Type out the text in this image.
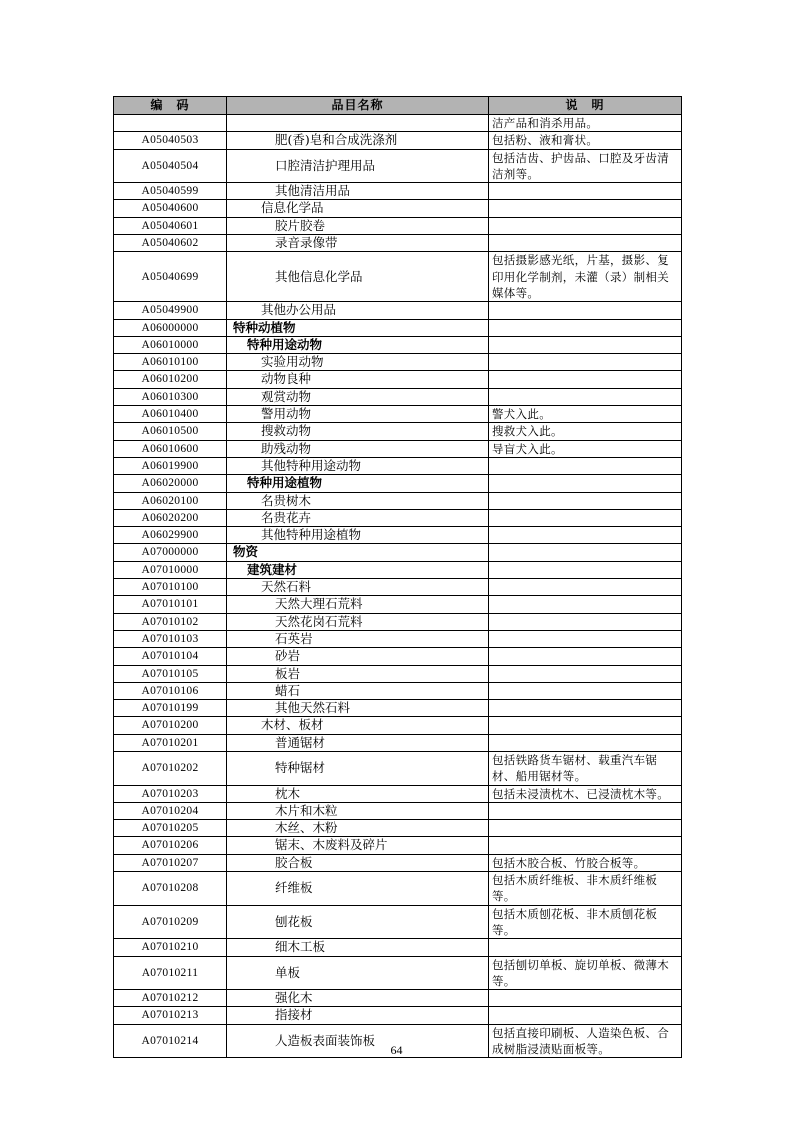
编　码	品目名称	说　明
		洁产品和消杀用品。
A05040503	肥(香)皂和合成洗涤剂	包括粉、液和膏状。
A05040504	口腔清洁护理用品	包括洁齿、护齿品、口腔及牙齿清洁剂等。
A05040599	其他清洁用品	
A05040600	信息化学品	
A05040601	胶片胶卷	
A05040602	录音录像带	
A05040699	其他信息化学品	包括摄影感光纸，片基，摄影、复印用化学制剂，未灌（录）制相关媒体等。
A05049900	其他办公用品	
A06000000	特种动植物	
A06010000	特种用途动物	
A06010100	实验用动物	
A06010200	动物良种	
A06010300	观赏动物	
A06010400	警用动物	警犬入此。
A06010500	搜救动物	搜救犬入此。
A06010600	助残动物	导盲犬入此。
A06019900	其他特种用途动物	
A06020000	特种用途植物	
A06020100	名贵树木	
A06020200	名贵花卉	
A06029900	其他特种用途植物	
A07000000	物资	
A07010000	建筑建材	
A07010100	天然石料	
A07010101	天然大理石荒料	
A07010102	天然花岗石荒料	
A07010103	石英岩	
A07010104	砂岩	
A07010105	板岩	
A07010106	蜡石	
A07010199	其他天然石料	
A07010200	木材、板材	
A07010201	普通锯材	
A07010202	特种锯材	包括铁路货车锯材、载重汽车锯材、船用锯材等。
A07010203	枕木	包括未浸渍枕木、已浸渍枕木等。
A07010204	木片和木粒	
A07010205	木丝、木粉	
A07010206	锯末、木废料及碎片	
A07010207	胶合板	包括木胶合板、竹胶合板等。
A07010208	纤维板	包括木质纤维板、非木质纤维板等。
A07010209	刨花板	包括木质刨花板、非木质刨花板等。
A07010210	细木工板	
A07010211	单板	包括刨切单板、旋切单板、微薄木等。
A07010212	强化木	
A07010213	指接材	
A07010214	人造板表面装饰板	包括直接印刷板、人造染色板、合成树脂浸渍贴面板等。
64
